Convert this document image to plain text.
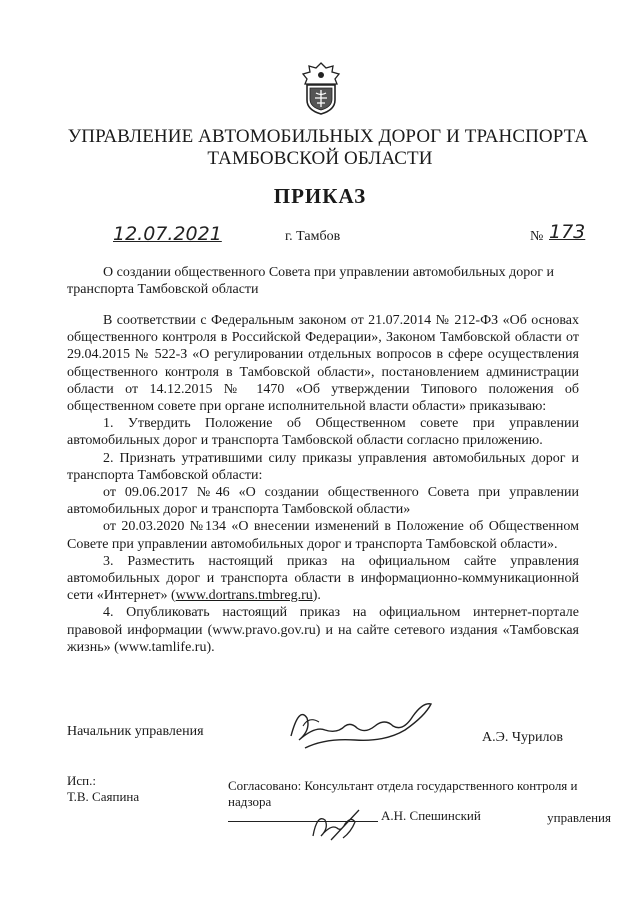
УПРАВЛЕНИЕ АВТОМОБИЛЬНЫХ ДОРОГ И ТРАНСПОРТА
ТАМБОВСКОЙ ОБЛАСТИ
ПРИКАЗ
12.07.2021	г. Тамбов	№ 173
О создании общественного Совета при управлении автомобильных дорог и транспорта Тамбовской области

В соответствии с Федеральным законом от 21.07.2014 № 212-ФЗ «Об основах общественного контроля в Российской Федерации», Законом Тамбовской области от 29.04.2015 № 522-З «О регулировании отдельных вопросов в сфере осуществления общественного контроля в Тамбовской области», постановлением администрации области от 14.12.2015 № 1470 «Об утверждении Типового положения об общественном совете при органе исполнительной власти области» приказываю:

1. Утвердить Положение об Общественном совете при управлении автомобильных дорог и транспорта Тамбовской области согласно приложению.

2. Признать утратившими силу приказы управления автомобильных дорог и транспорта Тамбовской области:

от 09.06.2017 №46 «О создании общественного Совета при управлении автомобильных дорог и транспорта Тамбовской области»

от 20.03.2020 №134 «О внесении изменений в Положение об Общественном Совете при управлении автомобильных дорог и транспорта Тамбовской области».

3. Разместить настоящий приказ на официальном сайте управления автомобильных дорог и транспорта области в информационно-коммуникационной сети «Интернет» (www.dortrans.tmbreg.ru).

4. Опубликовать настоящий приказ на официальном интернет-портале правовой информации (www.pravo.gov.ru) и на сайте сетевого издания «Тамбовская жизнь» (www.tamlife.ru).

Начальник управления	А.Э. Чурилов
Исп.:
Т.В. Саяпина
Согласовано: Консультант отдела государственного контроля и надзора
управления
А.Н. Спешинский
